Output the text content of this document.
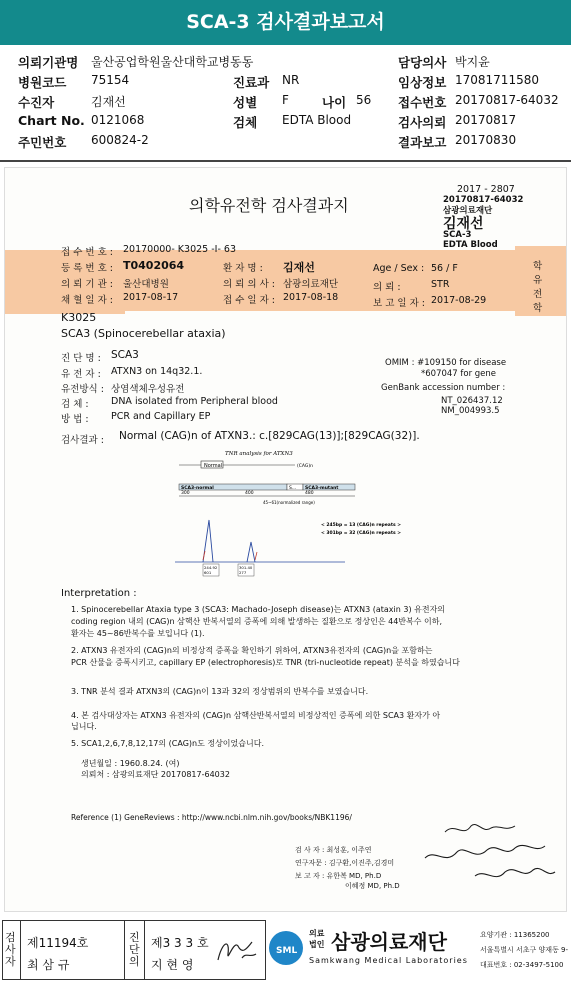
SCA-3 검사결과보고서
의뢰기관명 울산공업학원울산대학교병동동	담당의사 박지윤
병원코드 75154	진료과 NR	임상정보 17081711580
수진자	김재선	성별 F	나이 56 접수번호 20170817-64032
Chart No. 0121068	검체 EDTA Blood	검사의뢰 20170817
주민번호 600824-2	결과보고 20170830
의학유전학 검사결과지
2017 - 2807
20170817-64032
삼광의료재단
김재선
SCA-3
EDTA Blood
접 수 번 호 : 20170000- K3025 -I- 63
등 록 번 호 : T0402064	환 자 명 : 김재선	Age / Sex : 56 / F
의 뢰 기 관 : 울산대병원	의 뢰 의 사 : 삼광의료재단	의 뢰 :	STR
채 혈 일 자 : 2017-08-17	접 수 일 자 : 2017-08-18
보 고 일 자 : 2017-08-29
학
유
전
학
K3025
SCA3 (Spinocerebellar ataxia)
진 단 명 : SCA3
유 전 자 : ATXN3 on 14q32.1.
유전방식 : 상염색체우성유전
검 체 : DNA isolated from Peripheral blood
방 법 : PCR and Capillary EP
OMIM : #109150 for disease
*607047 for gene
GenBank accession number :
NT_026437.12
NM_004993.5
검사결과 : Normal (CAG)n of ATXN3.: c.[829CAG(13)];[829CAG(32)].
TNR analysis for ATXN3
Normal	(CAG)n
SCA3-normal	S... SCA3-mutant
300	400	480
45~61(normalized range)
< 245bp = 13 (CAG)n repeats >
< 301bp = 32 (CAG)n repeats >
244.92
601
301.40
277
Interpretation :
1. Spinocerebellar Ataxia type 3 (SCA3: Machado-Joseph disease)는 ATXN3 (ataxin 3) 유전자의
coding region 내의 (CAG)n 삼핵산 반복서열의 증폭에 의해 발생하는 질환으로 정상인은 44반복수 이하,
환자는 45~86반복수를 보입니다 (1).
2. ATXN3 유전자의 (CAG)n의 비정상적 증폭을 확인하기 위하여, ATXN3유전자의 (CAG)n을 포함하는
PCR 산물을 증폭시키고, capillary EP (electrophoresis)로 TNR (tri-nucleotide repeat) 분석을 하였습니다
3. TNR 분석 결과 ATXN3의 (CAG)n이 13과 32의 정상범위의 반복수를 보였습니다.
4. 본 검사대상자는 ATXN3 유전자의 (CAG)n 삼핵산반복서열의 비정상적인 증폭에 의한 SCA3 환자가 아
닙니다.
5. SCA1,2,6,7,8,12,17의 (CAG)n도 정상이었습니다.
생년월일 : 1960.8.24. (여)
의뢰처 : 삼광의료재단 20170817-64032
Reference (1) GeneReviews : http://www.ncbi.nlm.nih.gov/books/NBK1196/
검 사 자 : 최성훈, 이주연
연구자문 : 김구환,이진주,김경미
보 고 자 : 유한복 MD, Ph.D
이혜정 MD, Ph.D
검사자
제11194호
최 삼 규
진단의
제3 3 3 호
지 현 영
SML
의료
법인 삼광의료재단
Samkwang Medical Laboratories
요양기관 : 11365200
서울특별시 서초구 양재동 9-
대표번호 : 02-3497-5100
